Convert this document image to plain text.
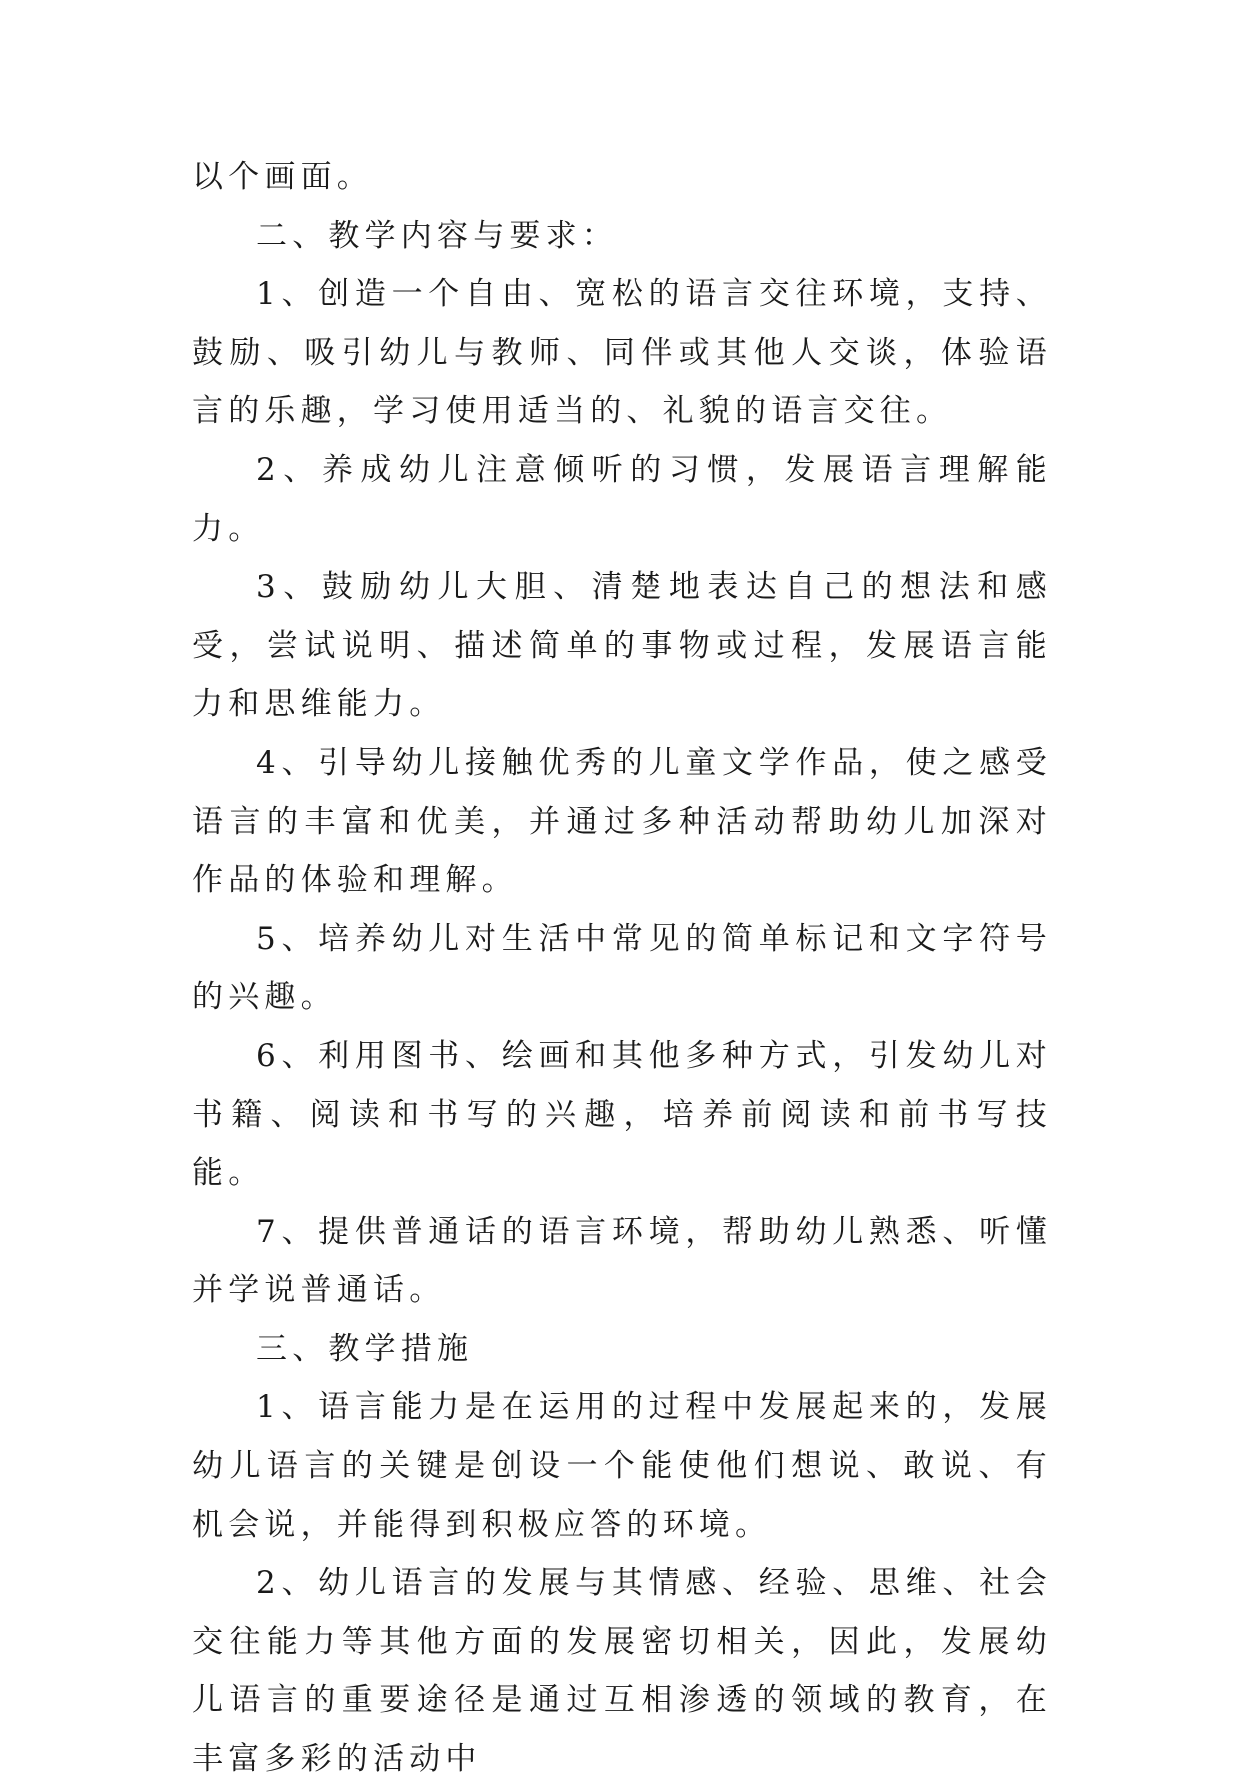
以个画面。

二、教学内容与要求：

1、创造一个自由、宽松的语言交往环境，支持、鼓励、吸引幼儿与教师、同伴或其他人交谈，体验语言的乐趣，学习使用适当的、礼貌的语言交往。

2、养成幼儿注意倾听的习惯，发展语言理解能力。

3、鼓励幼儿大胆、清楚地表达自己的想法和感受，尝试说明、描述简单的事物或过程，发展语言能力和思维能力。

4、引导幼儿接触优秀的儿童文学作品，使之感受语言的丰富和优美，并通过多种活动帮助幼儿加深对作品的体验和理解。

5、培养幼儿对生活中常见的简单标记和文字符号的兴趣。

6、利用图书、绘画和其他多种方式，引发幼儿对书籍、阅读和书写的兴趣，培养前阅读和前书写技能。

7、提供普通话的语言环境，帮助幼儿熟悉、听懂并学说普通话。

三、教学措施

1、语言能力是在运用的过程中发展起来的，发展幼儿语言的关键是创设一个能使他们想说、敢说、有机会说，并能得到积极应答的环境。

2、幼儿语言的发展与其情感、经验、思维、社会交往能力等其他方面的发展密切相关，因此，发展幼儿语言的重要途径是通过互相渗透的领域的教育，在丰富多彩的活动中
